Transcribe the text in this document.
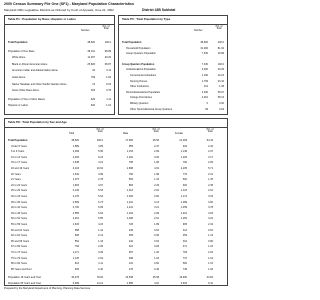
2000 Census Summary File One (SF1) - Maryland Population Characteristics
Maryland 2001 Legislative Districts as Ordered by Court of Appeals, June 21, 2002	District 43B Subtotal
Table P1 : Population by Race, Hispanic or Latino
Number
Pct. of Total
Total Population	38,620	100.0
Population of One Race	38,191	98.89
White Alone	11,297	29.25
Black or African American Alone	25,826	66.87
American Indian and Alaska Native Alone	43	0.11
Asian Alone	709	1.84
Native Hawaiian and Other Pacific Islander Alone	13	0.03
Some Other Race Alone	303	0.78
Population of Two or More Races	429	1.11
Hispanic or Latino	620	1.61
Table P5 : Total Population by Type
Number
Pct. of Total
Total Population	38,620	100.0
Household Population	31,290	81.02
Group Quarters Population	7,330	18.98
Group Quarters Population	7,330	100.0
Institutionalized Population	3,000	40.93
Correctional Institutions	1,190	16.23
Nursing Homes	1,709	23.32
Other Institutions	101	1.38
Noninstitutionalized Population	4,330	59.07
College Dormitories	4,261	58.13
Military Quarters	0	0.00
Other Noninstitutional Group Quarters	69	0.94
Table P8 : Total Population by Sex and Age
Total
Pct. of Total
Male
Pct. of Total
Female
Pct. of Total
Total Population	38,620	100.0	17,595	45.56	21,025	54.44
Under 5 Years	1,889	4.89	955	2.47	934	2.42
5 to 9 Years	2,299	5.95	1,153	2.99	1,146	2.97
10 to 14 Years	2,406	6.23	1,181	3.06	1,225	3.17
15 to 17 Years	1,548	4.01	758	1.96	790	2.05
18 and 19 Years	4,103	10.62	1,898	4.91	2,205	5.71
20 Years	1,542	3.99	766	1.98	776	2.01
21 Years	1,073	2.78	553	1.43	520	1.35
22 to 24 Years	1,803	4.67	883	2.29	920	2.38
25 to 29 Years	2,136	5.53	1,013	2.62	1,123	2.91
30 to 34 Years	2,178	5.64	1,006	2.60	1,172	3.03
35 to 39 Years	2,599	6.73	1,210	3.13	1,389	3.60
40 to 44 Years	2,700	6.99	1,241	3.21	1,459	3.78
45 to 49 Years	2,555	6.62	1,154	2.99	1,401	3.63
50 to 54 Years	2,261	5.85	1,008	2.61	1,253	3.24
55 to 59 Years	1,633	4.23	728	1.89	905	2.34
60 and 61 Years	558	1.44	245	0.63	313	0.81
62 to 64 Years	828	2.14	369	0.96	459	1.19
65 and 66 Years	552	1.43	242	0.63	310	0.80
67 to 69 Years	793	2.05	322	0.83	471	1.22
70 to 74 Years	1,271	3.29	487	1.26	784	2.03
75 to 79 Years	1,135	2.94	398	1.03	737	1.91
80 to 84 Years	813	2.11	231	0.60	582	1.51
85 Years and Over	925	2.40	176	0.46	749	1.94
Population 18 Years and Over	30,478	78.92	13,548	35.08	16,930	43.84
Population 65 Years and Over	5,489	14.21	1,856	4.81	3,633	9.41
Prepared by the Maryland Department of Planning, Planning Data Services
